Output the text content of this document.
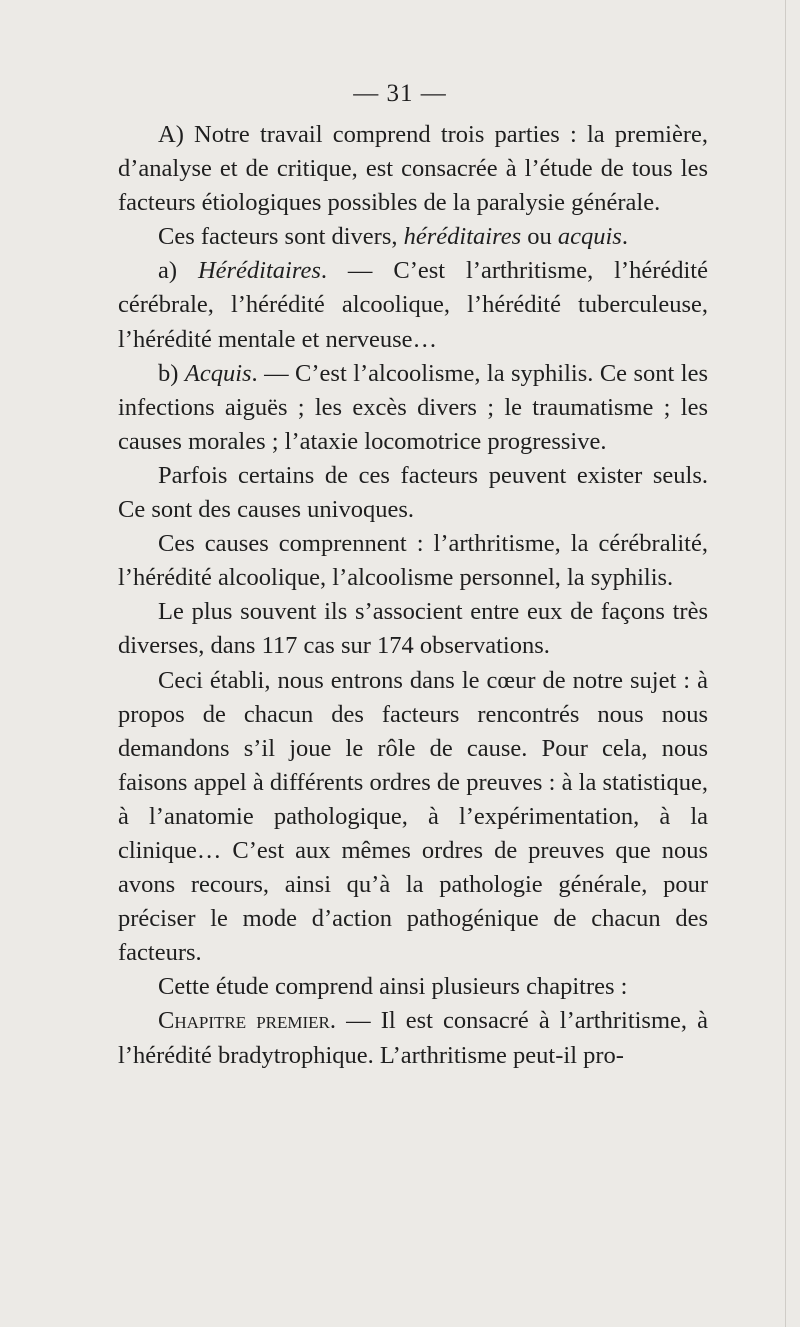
— 31 —

A) Notre travail comprend trois parties : la première, d’analyse et de critique, est consacrée à l’étude de tous les facteurs étiologiques possibles de la paralysie générale.

Ces facteurs sont divers, héréditaires ou acquis.

a) Héréditaires. — C’est l’arthritisme, l’hérédité cérébrale, l’hérédité alcoolique, l’hérédité tuberculeuse, l’hérédité mentale et nerveuse…

b) Acquis. — C’est l’alcoolisme, la syphilis. Ce sont les infections aiguës ; les excès divers ; le traumatisme ; les causes morales ; l’ataxie locomotrice progressive.

Parfois certains de ces facteurs peuvent exister seuls. Ce sont des causes univoques.

Ces causes comprennent : l’arthritisme, la cérébralité, l’hérédité alcoolique, l’alcoolisme personnel, la syphilis.

Le plus souvent ils s’associent entre eux de façons très diverses, dans 117 cas sur 174 observations.

Ceci établi, nous entrons dans le cœur de notre sujet : à propos de chacun des facteurs rencontrés nous nous demandons s’il joue le rôle de cause. Pour cela, nous faisons appel à différents ordres de preuves : à la statistique, à l’anatomie pathologique, à l’expérimentation, à la clinique… C’est aux mêmes ordres de preuves que nous avons recours, ainsi qu’à la pathologie générale, pour préciser le mode d’action pathogénique de chacun des facteurs.

Cette étude comprend ainsi plusieurs chapitres :

Chapitre premier. — Il est consacré à l’arthritisme, à l’hérédité bradytrophique. L’arthritisme peut-il pro-
